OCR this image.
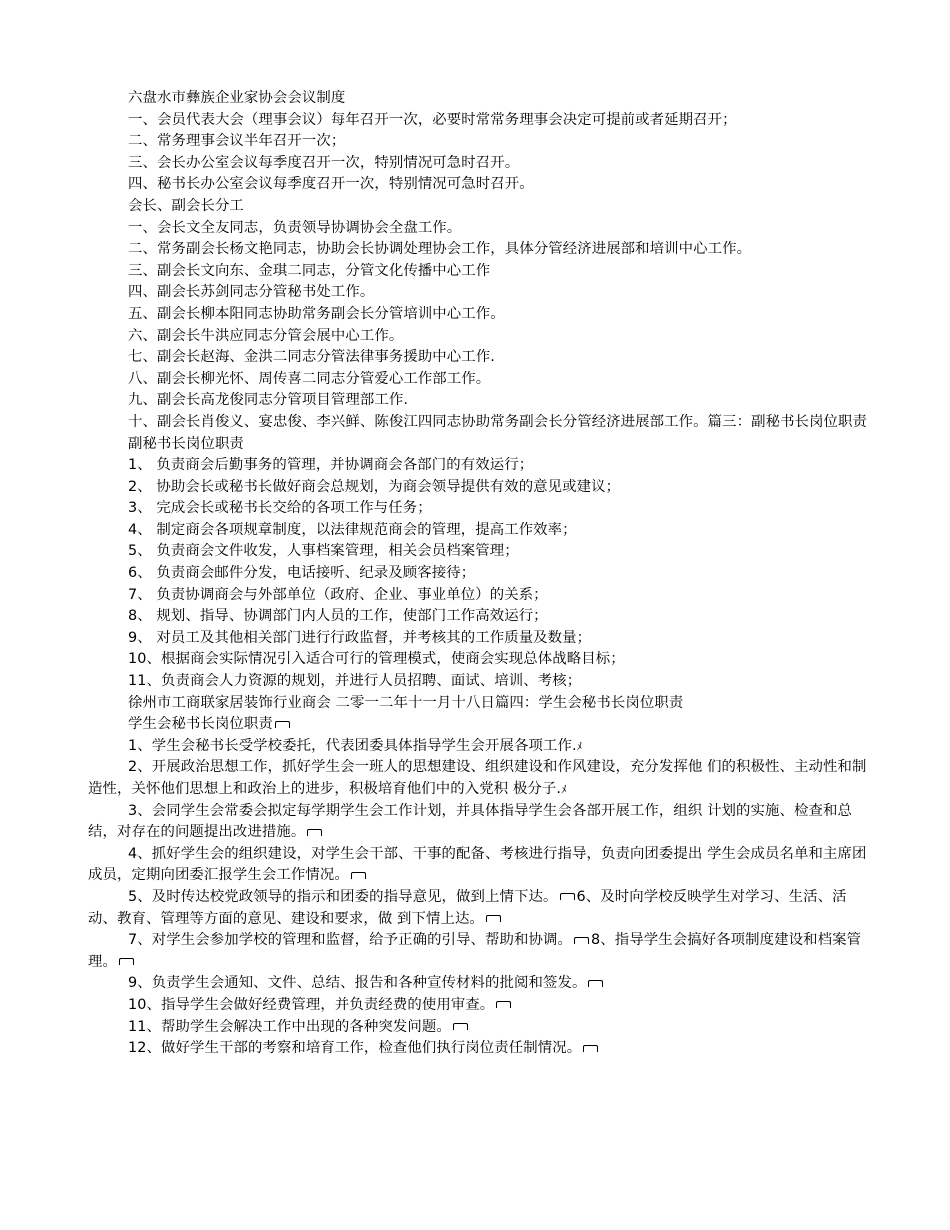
六盘水市彝族企业家协会会议制度
一、会员代表大会（理事会议）每年召开一次，必要时常常务理事会决定可提前或者延期召开；
二、常务理事会议半年召开一次；
三、会长办公室会议每季度召开一次，特别情况可急时召开。
四、秘书长办公室会议每季度召开一次，特别情况可急时召开。
会长、副会长分工
一、会长文全友同志，负责领导协调协会全盘工作。
二、常务副会长杨文艳同志，协助会长协调处理协会工作，具体分管经济进展部和培训中心工作。
三、副会长文向东、金琪二同志，分管文化传播中心工作
四、副会长苏剑同志分管秘书处工作。
五、副会长柳本阳同志协助常务副会长分管培训中心工作。
六、副会长牛洪应同志分管会展中心工作。
七、副会长赵海、金洪二同志分管法律事务援助中心工作.
八、副会长柳光怀、周传喜二同志分管爱心工作部工作。
九、副会长高龙俊同志分管项目管理部工作.
十、副会长肖俊义、宴忠俊、李兴鲜、陈俊江四同志协助常务副会长分管经济进展部工作。篇三：副秘书长岗位职责
副秘书长岗位职责
1、 负责商会后勤事务的管理，并协调商会各部门的有效运行；
2、 协助会长或秘书长做好商会总规划，为商会领导提供有效的意见或建议；
3、 完成会长或秘书长交给的各项工作与任务；
4、 制定商会各项规章制度，以法律规范商会的管理，提高工作效率；
5、 负责商会文件收发，人事档案管理，相关会员档案管理；
6、 负责商会邮件分发，电话接听、纪录及顾客接待；
7、 负责协调商会与外部单位（政府、企业、事业单位）的关系；
8、 规划、指导、协调部门内人员的工作，使部门工作高效运行；
9、 对员工及其他相关部门进行行政监督，并考核其的工作质量及数量；
10、根据商会实际情况引入适合可行的管理模式，使商会实现总体战略目标；
11、负责商会人力资源的规划，并进行人员招聘、面试、培训、考核；
徐州市工商联家居装饰行业商会 二零一二年十一月十八日篇四：学生会秘书长岗位职责
学生会秘书长岗位职责
1、学生会秘书长受学校委托，代表团委具体指导学生会开展各项工作.ﾒ
2、开展政治思想工作，抓好学生会一班人的思想建设、组织建设和作风建设，充分发挥他 们的积极性、主动性和制造性，关怀他们思想上和政治上的进步，积极培育他们中的入党积 极分子.ﾒ
3、会同学生会常委会拟定每学期学生会工作计划，并具体指导学生会各部开展工作，组织 计划的实施、检查和总结，对存在的问题提出改进措施。
4、抓好学生会的组织建设，对学生会干部、干事的配备、考核进行指导，负责向团委提出 学生会成员名单和主席团成员，定期向团委汇报学生会工作情况。
5、及时传达校党政领导的指示和团委的指导意见，做到上情下达。 6、及时向学校反映学生对学习、生活、活动、教育、管理等方面的意见、建设和要求，做 到下情上达。
7、对学生会参加学校的管理和监督，给予正确的引导、帮助和协调。 8、指导学生会搞好各项制度建设和档案管理。
9、负责学生会通知、文件、总结、报告和各种宣传材料的批阅和签发。
10、指导学生会做好经费管理，并负责经费的使用审查。
11、帮助学生会解决工作中出现的各种突发问题。
12、做好学生干部的考察和培育工作，检查他们执行岗位责任制情况。
